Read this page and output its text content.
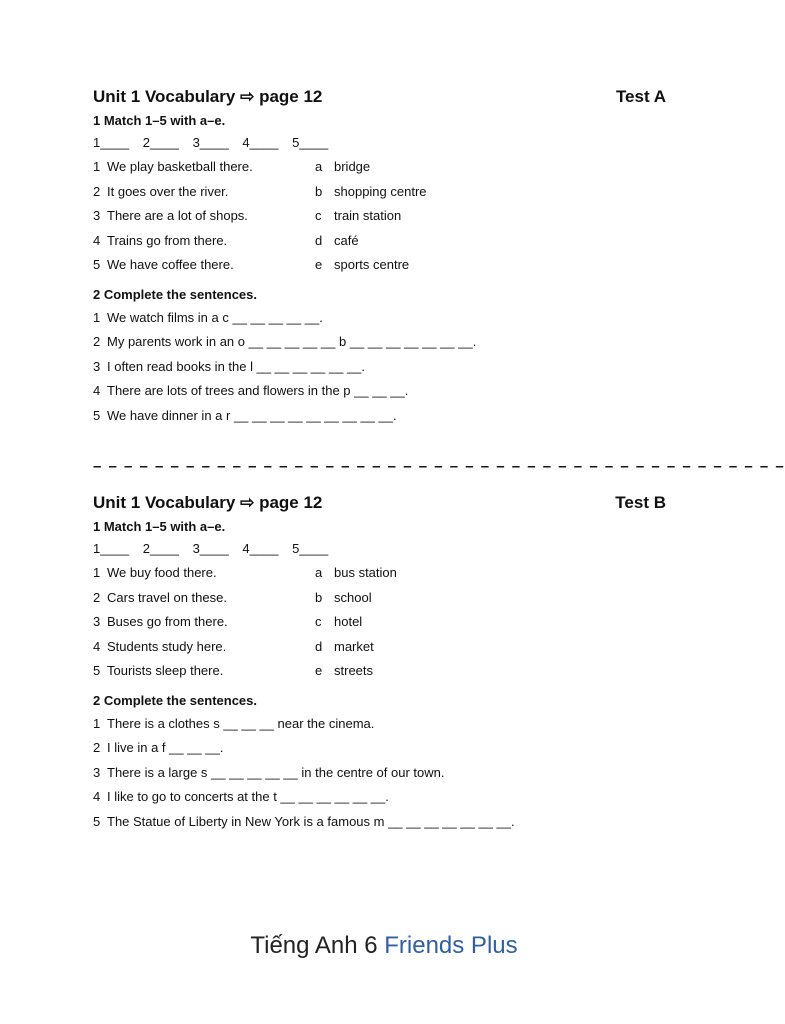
Unit 1 Vocabulary ⇨ page 12	Test A
1 Match 1–5 with a–e.
1____ 2____ 3____ 4____ 5____
1 We play basketball there.	a bridge
2 It goes over the river.	b shopping centre
3 There are a lot of shops.	c train station
4 Trains go from there.	d café
5 We have coffee there.	e sports centre
2 Complete the sentences.
1 We watch films in a c __ __ __ __ __.
2 My parents work in an o __ __ __ __ __ b __ __ __ __ __ __ __.
3 I often read books in the l __ __ __ __ __ __.
4 There are lots of trees and flowers in the p __ __ __.
5 We have dinner in a r __ __ __ __ __ __ __ __ __.
– – – – – – – – – – – – – – – – – – – – – – – – – – – – – – – – – – – – – – – – – – – – –
Unit 1 Vocabulary ⇨ page 12	Test B
1 Match 1–5 with a–e.
1____ 2____ 3____ 4____ 5____
1 We buy food there.	a bus station
2 Cars travel on these.	b school
3 Buses go from there.	c hotel
4 Students study here.	d market
5 Tourists sleep there.	e streets
2 Complete the sentences.
1 There is a clothes s __ __ __ near the cinema.
2 I live in a f __ __ __.
3 There is a large s __ __ __ __ __ in the centre of our town.
4 I like to go to concerts at the t __ __ __ __ __ __.
5 The Statue of Liberty in New York is a famous m __ __ __ __ __ __ __.
Tiếng Anh 6 Friends Plus
